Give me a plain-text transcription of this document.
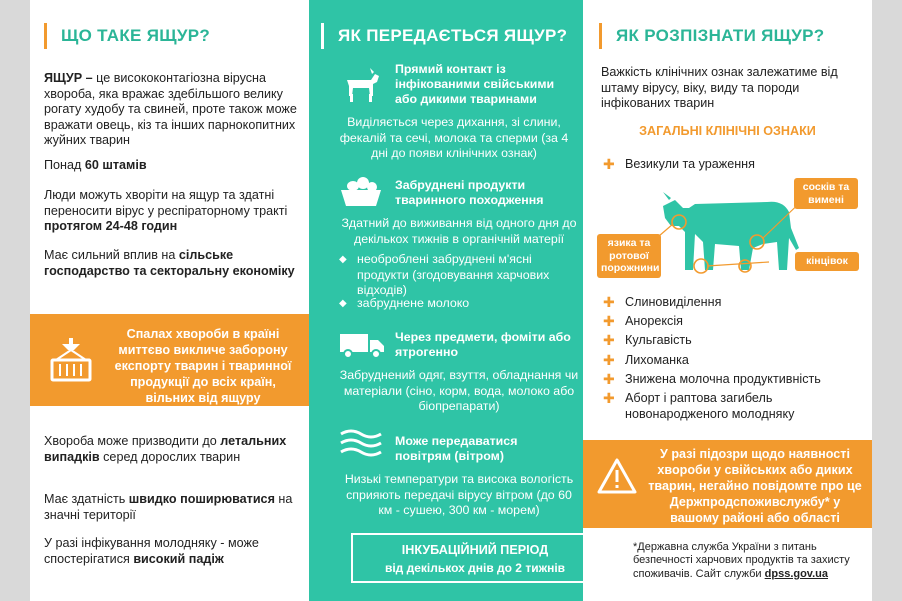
ЩО ТАКЕ ЯЩУР?
ЯЩУР – це висококонтагіозна вірусна хвороба, яка вражає здебільшого велику рогату худобу та свиней, проте також може вражати овець, кіз та інших парнокопитних жуйних тварин
Понад 60 штамів
Люди можуть хворіти на ящур та здатні переносити вірус у респіраторному тракті протягом 24-48 годин
Має сильний вплив на сільське господарство та секторальну економіку
Спалах хвороби в країні миттєво викличе заборону експорту тварин і тваринної продукції до всіх країн, вільних від ящуру
Хвороба може призводити до летальних випадків серед дорослих тварин
Має здатність швидко поширюватися на значні території
У разі інфікування молодняку - може спостерігатися високий падіж
ЯК ПЕРЕДАЄТЬСЯ ЯЩУР?
Прямий контакт із інфікованими свійськими або дикими тваринами
Виділяється через дихання, зі слини, фекалій та сечі, молока та сперми (за 4 дні до появи клінічних ознак)
Забруднені продукти тваринного походження
Здатний до виживання від одного дня до декількох тижнів в органічній матерії
◆ необроблені забруднені м'ясні продукти (згодовування харчових відходів)
◆ забруднене молоко
Через предмети, фоміти або ятрогенно
Забруднений одяг, взуття, обладнання чи матеріали (сіно, корм, вода, молоко або біопрепарати)
Може передаватися повітрям (вітром)
Низькі температури та висока вологість сприяють передачі вірусу вітром (до 60 км - сушею, 300 км - морем)
ІНКУБАЦІЙНИЙ ПЕРІОД
від декількох днів до 2 тижнів
ЯК РОЗПІЗНАТИ ЯЩУР?
Важкість клінічних ознак залежатиме від штаму вірусу, віку, виду та породи інфікованих тварин
ЗАГАЛЬНІ КЛІНІЧНІ ОЗНАКИ
✚ Везикули та ураження
сосків та вимені
язика та ротової порожнини
кінцівок
✚ Слиновиділення
✚ Анорексія
✚ Кульгавість
✚ Лихоманка
✚ Знижена молочна продуктивність
✚ Аборт і раптова загибель новонародженого молодняку
У разі підозри щодо наявності хвороби у свійських або диких тварин, негайно повідомте про це Держпродспоживслужбу* у вашому районі або області
*Державна служба України з питань безпечності харчових продуктів та захисту споживачів. Сайт служби dpss.gov.ua
